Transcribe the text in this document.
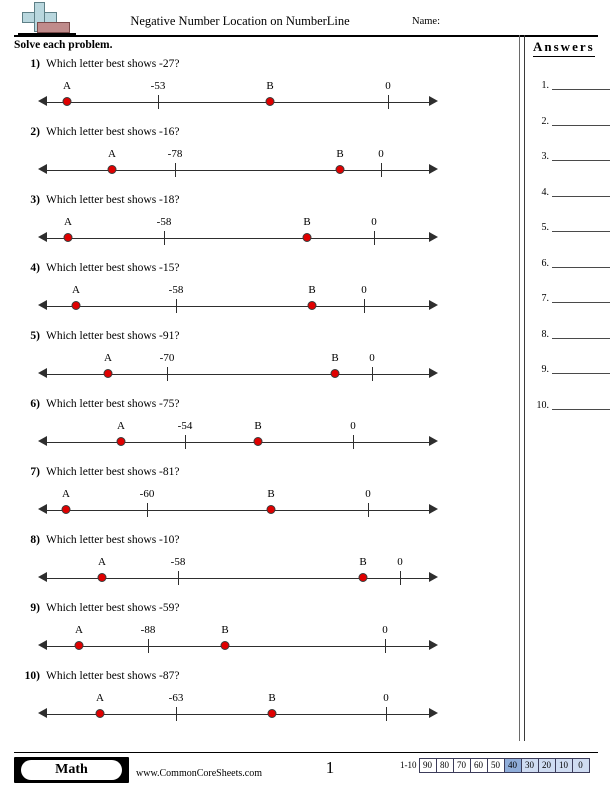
Negative Number Location on NumberLine	Name:
Solve each problem.
1) Which letter best shows -27?
A	-53	B	0
2) Which letter best shows -16?
A	-78	B	0
3) Which letter best shows -18?
A	-58	B	0
4) Which letter best shows -15?
A	-58	B	0
5) Which letter best shows -91?
A	-70	B	0
6) Which letter best shows -75?
A	-54	B	0
7) Which letter best shows -81?
A	-60	B	0
8) Which letter best shows -10?
A	-58	B	0
9) Which letter best shows -59?
A	-88	B	0
10) Which letter best shows -87?
A	-63	B	0
Answers
1.
2.
3.
4.
5.
6.
7.
8.
9.
10.
Math	www.CommonCoreSheets.com	1	1-10 90 80 70 60 50 40 30 20 10	0
